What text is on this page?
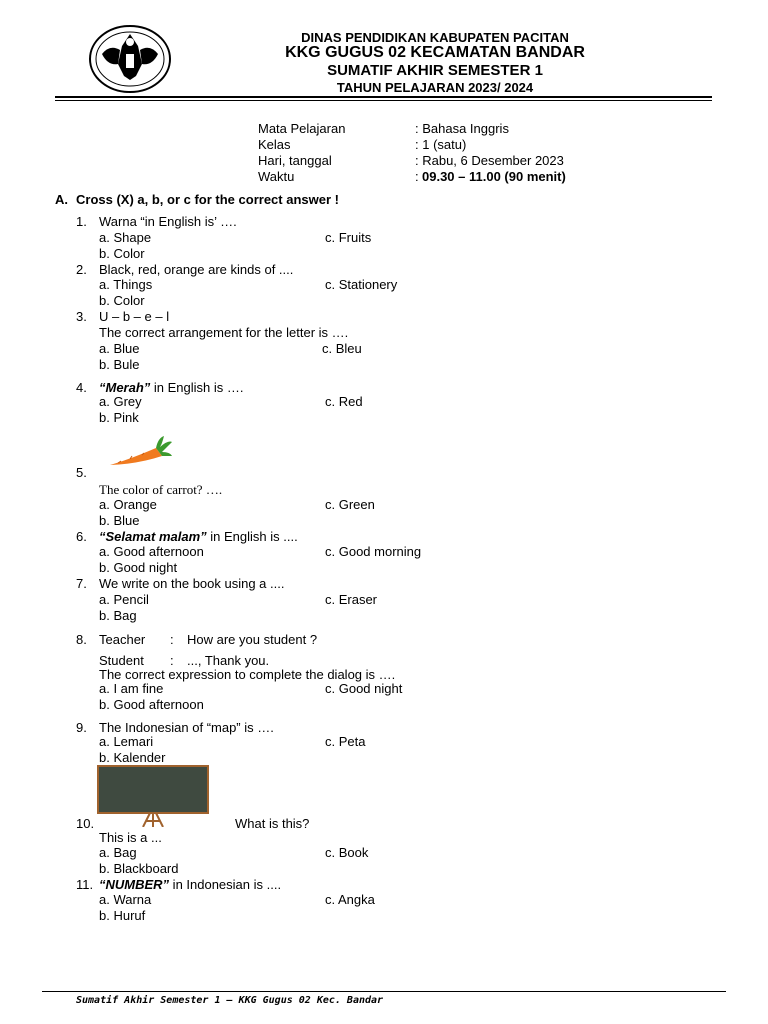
DINAS PENDIDIKAN KABUPATEN PACITAN
KKG GUGUS 02 KECAMATAN BANDAR
SUMATIF AKHIR SEMESTER 1
TAHUN PELAJARAN 2023/ 2024
Mata Pelajaran	: Bahasa Inggris
Kelas	: 1 (satu)
Hari, tanggal	: Rabu, 6 Desember 2023
Waktu	: 09.30 – 11.00 (90 menit)
A. Cross (X) a, b, or c for the correct answer !
1. Warna “in English is’ ….
a. Shape
b. Color
c. Fruits
2. Black, red, orange are kinds of ....
a. Things
b. Color
c. Stationery
3. U – b – e – l
The correct arrangement for the letter is ….
a. Blue
b. Bule
c. Bleu
4. “Merah” in English is ….
a. Grey
b. Pink
c. Red
5.
The color of carrot? ….
a. Orange
b. Blue
c. Green
6. “Selamat malam” in English is ....
a. Good afternoon
b. Good night
c. Good morning
7. We write on the book using a ....
a. Pencil
b. Bag
c. Eraser
8. Teacher : How are you student ?
Student : ..., Thank you.
The correct expression to complete the dialog is ….
a. I am fine
b. Good afternoon
c. Good night
9. The Indonesian of “map” is ….
a. Lemari
b. Kalender
c. Peta
10.	What is this?
This is a ...
a. Bag
b. Blackboard
c. Book
11. “NUMBER” in Indonesian is ....
a. Warna
b. Huruf
c. Angka
Sumatif Akhir Semester 1 – KKG Gugus 02 Kec. Bandar
